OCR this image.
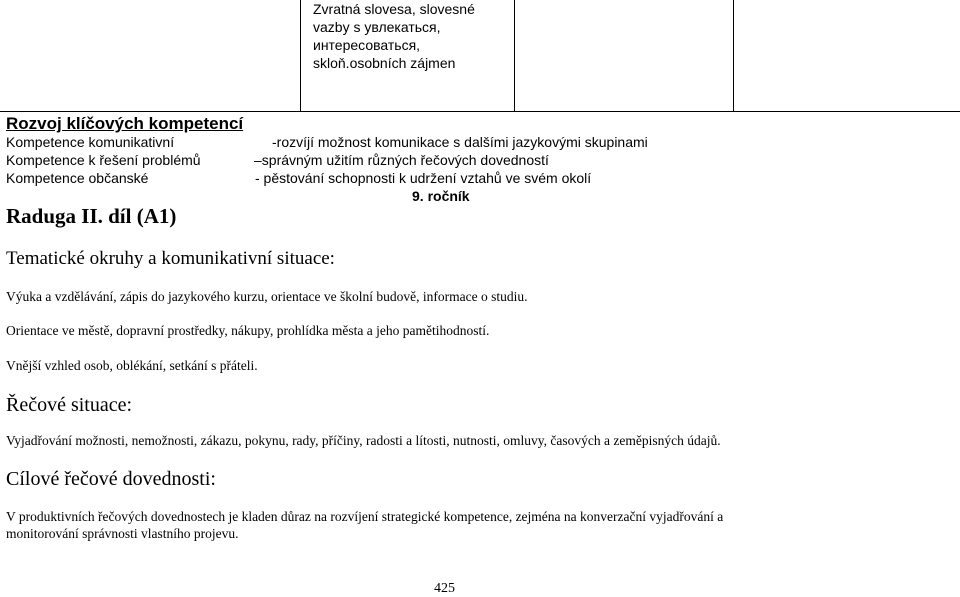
Zvratná slovesa, slovesné
vazby s увлекаться,
интересоваться,
skloň.osobních zájmen
Rozvoj klíčových kompetencí
Kompetence komunikativní	-rozvíjí možnost komunikace s dalšími jazykovými skupinami
Kompetence k řešení problémů	–správným užitím různých řečových dovedností
Kompetence občanské	- pěstování schopnosti k udržení vztahů ve svém okolí
9. ročník
Raduga II. díl (A1)
Tematické okruhy a komunikativní situace:
Výuka a vzdělávání, zápis do jazykového kurzu, orientace ve školní budově, informace o studiu.
Orientace ve městě, dopravní prostředky, nákupy, prohlídka města a jeho pamětihodností.
Vnější vzhled osob, oblékání, setkání s přáteli.
Řečové situace:
Vyjadřování možnosti, nemožnosti, zákazu, pokynu, rady, příčiny, radosti a lítosti, nutnosti, omluvy, časových a zeměpisných údajů.
Cílové řečové dovednosti:
V produktivních řečových dovednostech je kladen důraz na rozvíjení strategické kompetence, zejména na konverzační vyjadřování a
monitorování správnosti vlastního projevu.
425
